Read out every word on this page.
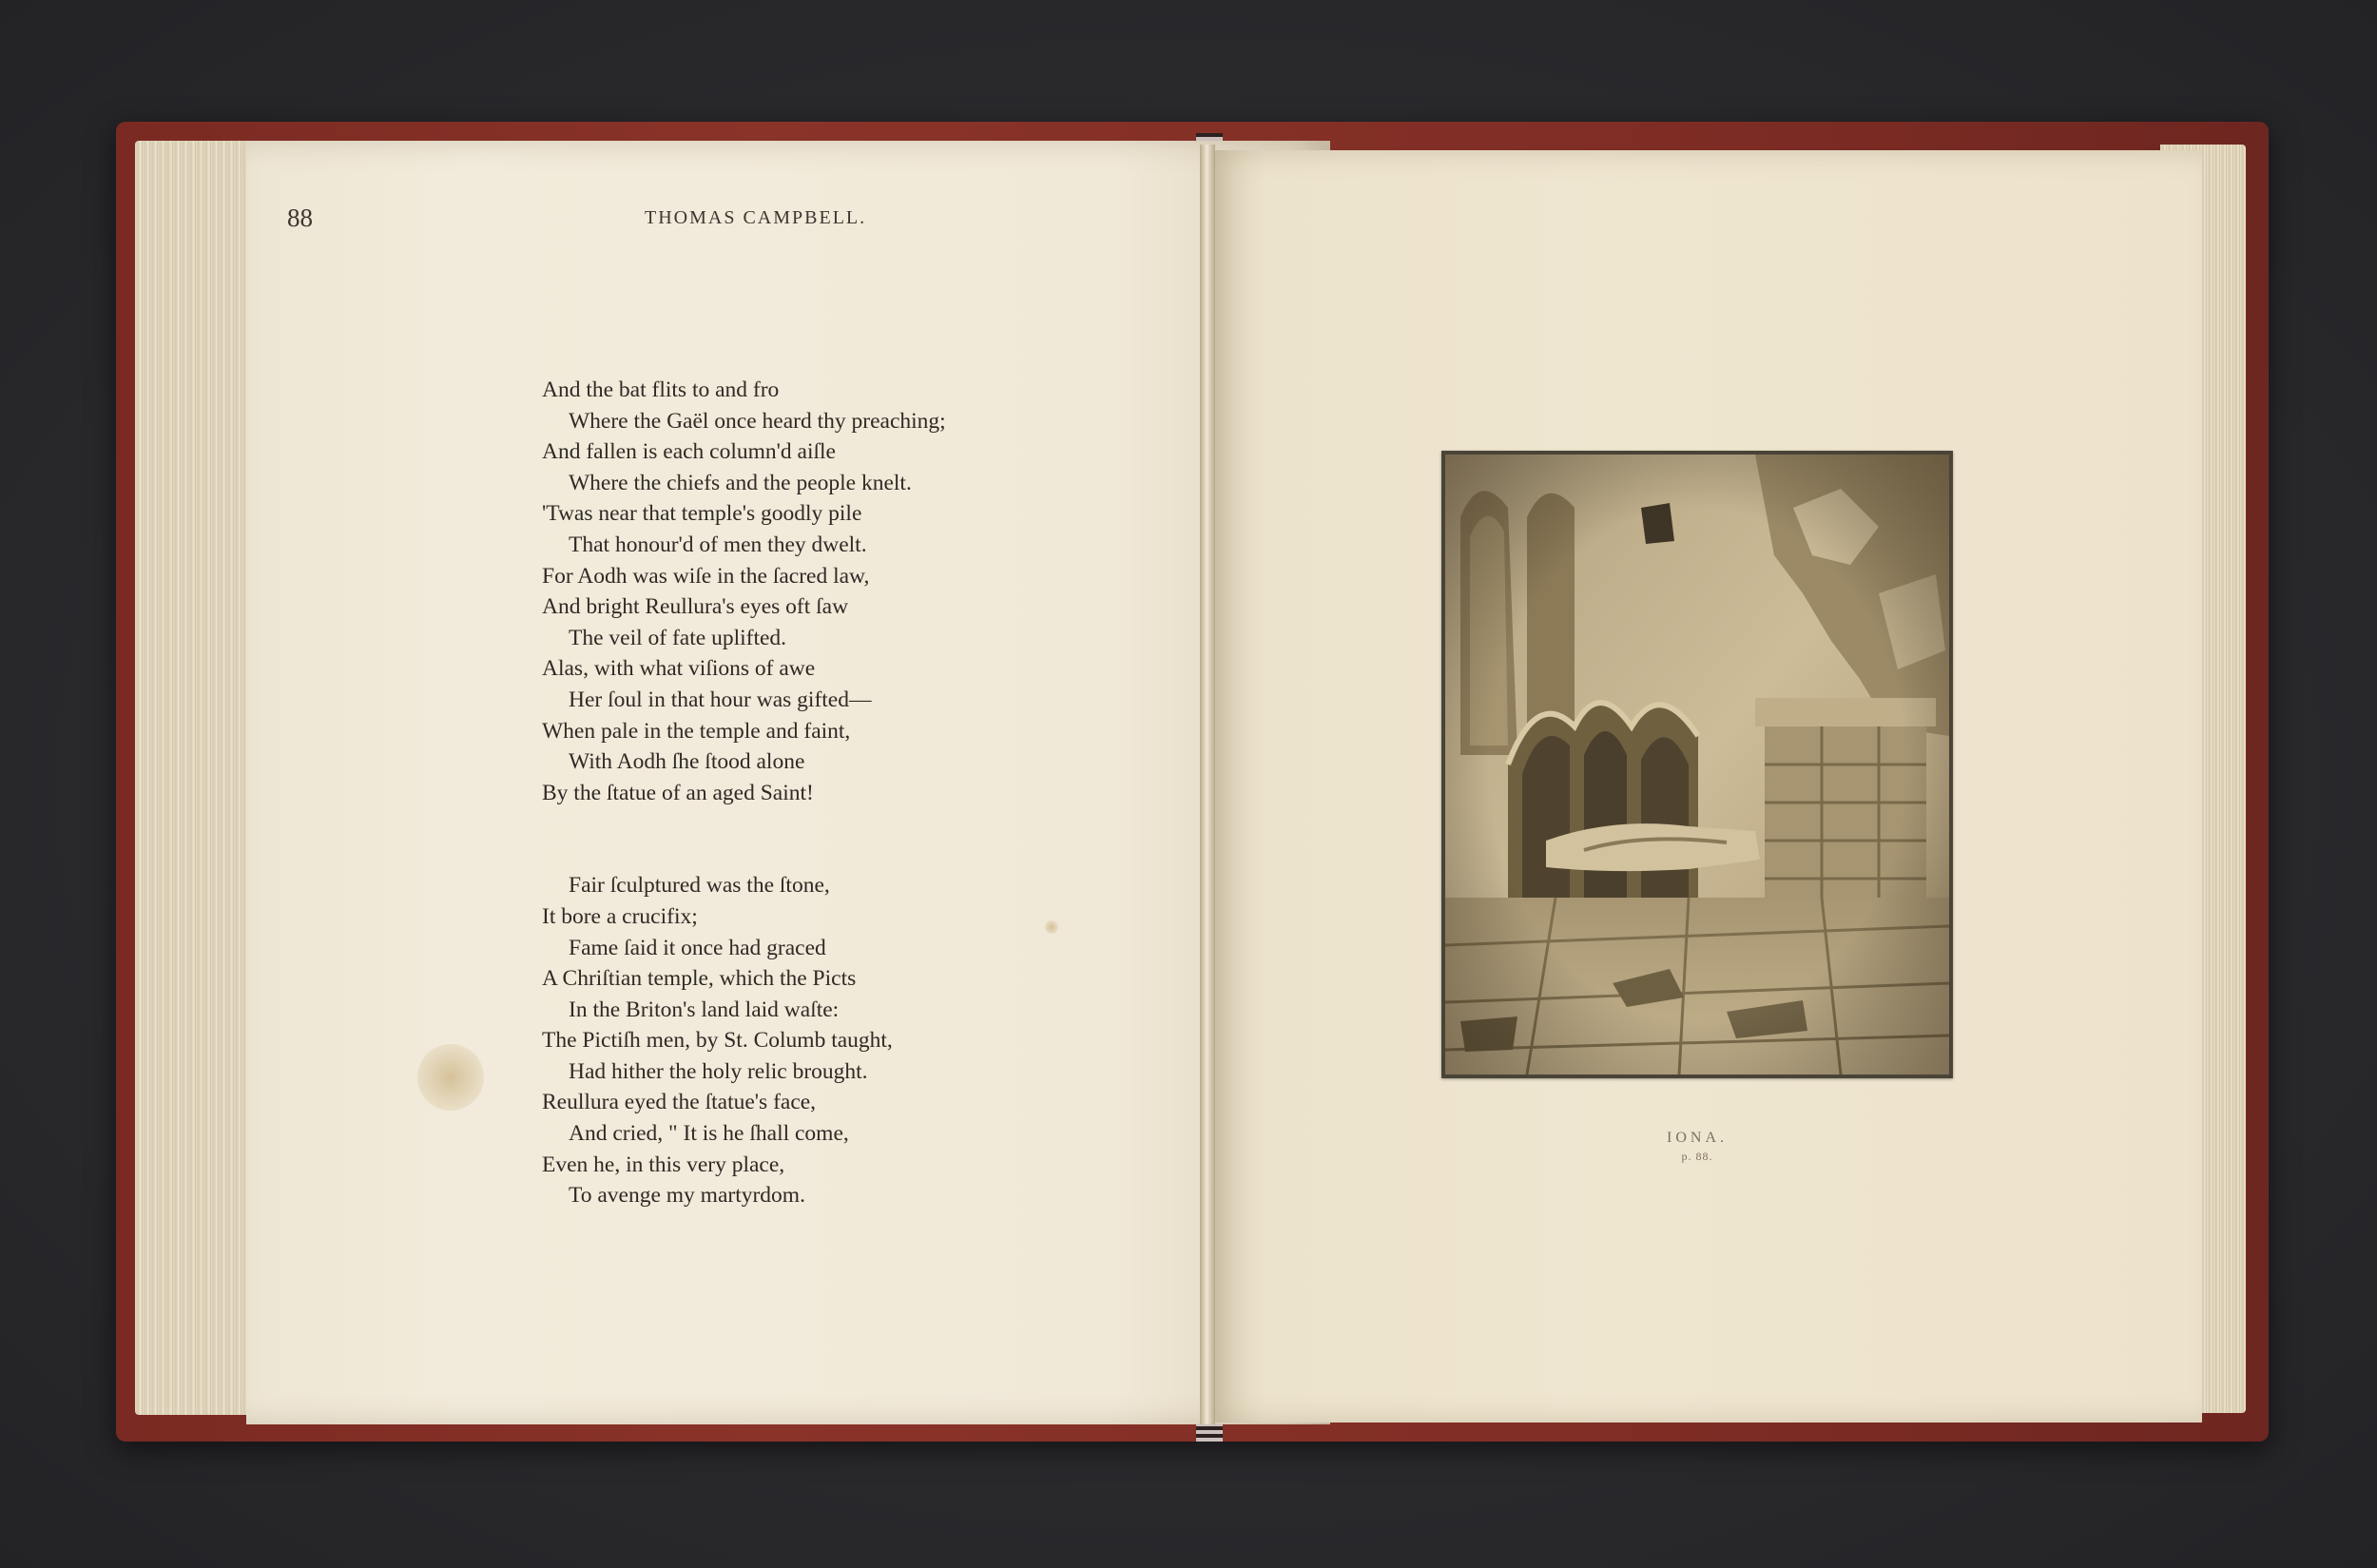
88	THOMAS CAMPBELL.
And the bat flits to and fro
Where the Gaël once heard thy preaching;
And fallen is each column'd aiſle
Where the chiefs and the people knelt.
'Twas near that temple's goodly pile
That honour'd of men they dwelt.
For Aodh was wiſe in the ſacred law,
And bright Reullura's eyes oft ſaw
The veil of fate uplifted.
Alas, with what viſions of awe
Her ſoul in that hour was gifted—
When pale in the temple and faint,
With Aodh ſhe ſtood alone
By the ſtatue of an aged Saint!
Fair ſculptured was the ſtone,
It bore a crucifix;
Fame ſaid it once had graced
A Chriſtian temple, which the Picts
In the Briton's land laid waſte:
The Pictiſh men, by St. Columb taught,
Had hither the holy relic brought.
Reullura eyed the ſtatue's face,
And cried, " It is he ſhall come,
Even he, in this very place,
To avenge my martyrdom.
IONA.
p. 88.
